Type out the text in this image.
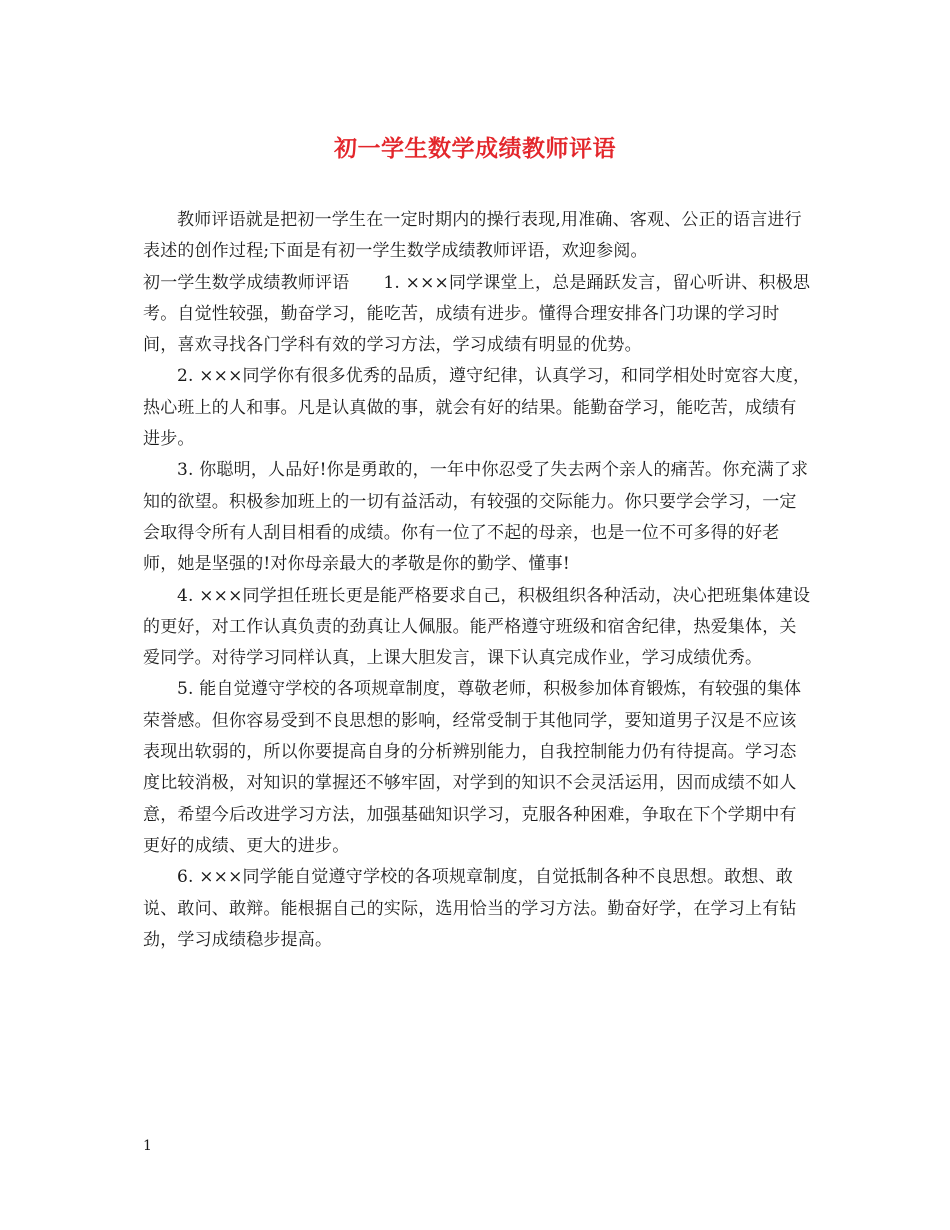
初一学生数学成绩教师评语

教师评语就是把初一学生在一定时期内的操行表现,用准确、客观、公正的语言进行表述的创作过程;下面是有初一学生数学成绩教师评语，欢迎参阅。

初一学生数学成绩教师评语 1. ×××同学课堂上，总是踊跃发言，留心听讲、积极思考。自觉性较强，勤奋学习，能吃苦，成绩有进步。懂得合理安排各门功课的学习时间，喜欢寻找各门学科有效的学习方法，学习成绩有明显的优势。

2. ×××同学你有很多优秀的品质，遵守纪律，认真学习，和同学相处时宽容大度，热心班上的人和事。凡是认真做的事，就会有好的结果。能勤奋学习，能吃苦，成绩有进步。

3. 你聪明，人品好!你是勇敢的，一年中你忍受了失去两个亲人的痛苦。你充满了求知的欲望。积极参加班上的一切有益活动，有较强的交际能力。你只要学会学习，一定会取得令所有人刮目相看的成绩。你有一位了不起的母亲，也是一位不可多得的好老师，她是坚强的!对你母亲最大的孝敬是你的勤学、懂事!

4. ×××同学担任班长更是能严格要求自己，积极组织各种活动，决心把班集体建设的更好，对工作认真负责的劲真让人佩服。能严格遵守班级和宿舍纪律，热爱集体，关爱同学。对待学习同样认真，上课大胆发言，课下认真完成作业，学习成绩优秀。

5. 能自觉遵守学校的各项规章制度，尊敬老师，积极参加体育锻炼，有较强的集体荣誉感。但你容易受到不良思想的影响，经常受制于其他同学，要知道男子汉是不应该表现出软弱的，所以你要提高自身的分析辨别能力，自我控制能力仍有待提高。学习态度比较消极，对知识的掌握还不够牢固，对学到的知识不会灵活运用，因而成绩不如人意，希望今后改进学习方法，加强基础知识学习，克服各种困难，争取在下个学期中有更好的成绩、更大的进步。

6. ×××同学能自觉遵守学校的各项规章制度，自觉抵制各种不良思想。敢想、敢说、敢问、敢辩。能根据自己的实际，选用恰当的学习方法。勤奋好学，在学习上有钻劲，学习成绩稳步提高。

1
